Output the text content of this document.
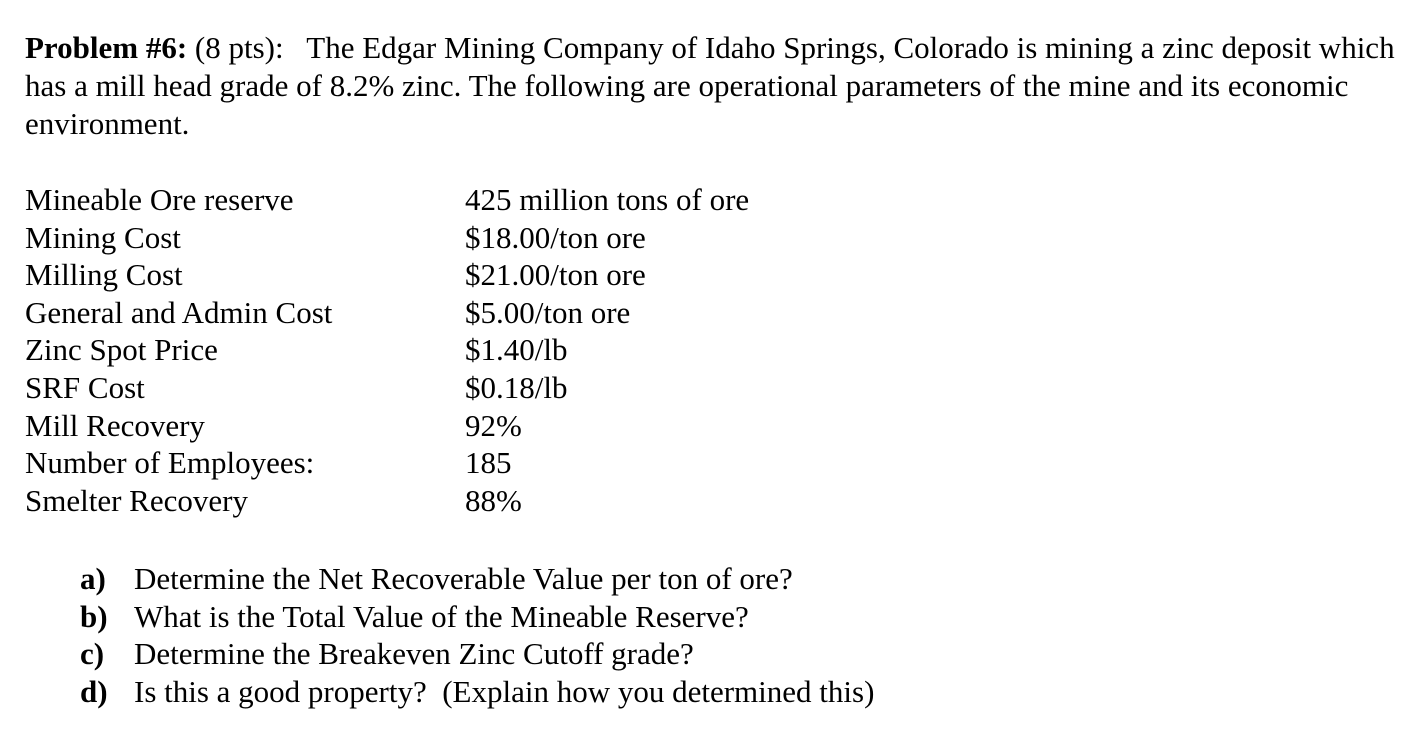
Problem #6: (8 pts):   The Edgar Mining Company of Idaho Springs, Colorado is mining a zinc deposit which has a mill head grade of 8.2% zinc. The following are operational parameters of the mine and its economic environment.

Mineable Ore reserve	425 million tons of ore
Mining Cost	$18.00/ton ore
Milling Cost	$21.00/ton ore
General and Admin Cost	$5.00/ton ore
Zinc Spot Price	$1.40/lb
SRF Cost	$0.18/lb
Mill Recovery	92%
Number of Employees:	185
Smelter Recovery	88%
a) Determine the Net Recoverable Value per ton of ore?
b) What is the Total Value of the Mineable Reserve?
c) Determine the Breakeven Zinc Cutoff grade?
d) Is this a good property?  (Explain how you determined this)
